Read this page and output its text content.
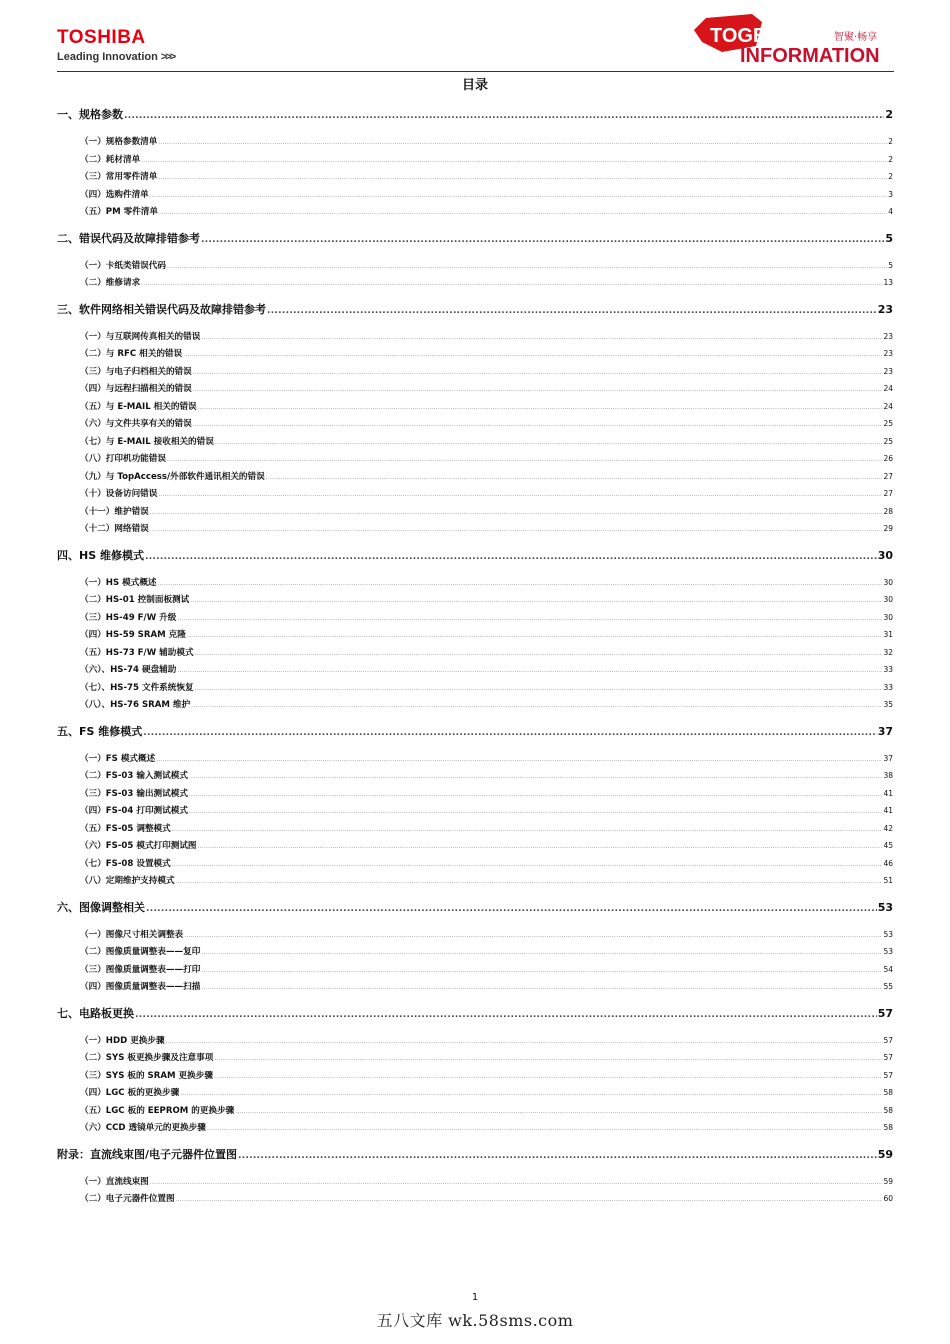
TOSHIBA
Leading Innovation >>>
TOGETHER 智聚·畅享
INFORMATION
目录
一、规格参数 .....	2
（一）规格参数清单 .....	2
（二）耗材清单 .....	2
（三）常用零件清单 .....	2
（四）选购件清单 .....	3
（五）PM 零件清单 .....	4
二、错误代码及故障排错参考 .....	5
（一）卡纸类错误代码 .....	5
（二）维修请求 .....	13
三、软件网络相关错误代码及故障排错参考 .....	23
（一）与互联网传真相关的错误 .....	23
（二）与 RFC 相关的错误 .....	23
（三）与电子归档相关的错误 .....	23
（四）与远程扫描相关的错误 .....	24
（五）与 E-MAIL 相关的错误 .....	24
（六）与文件共享有关的错误 .....	25
（七）与 E-MAIL 接收相关的错误 .....	25
（八）打印机功能错误 .....	26
（九）与 TopAccess/外部软件通讯相关的错误 .....	27
（十）设备访问错误 .....	27
（十一）维护错误 .....	28
（十二）网络错误 .....	29
四、HS 维修模式 .....	30
（一）HS 模式概述 .....	30
（二）HS-01 控制面板测试 .....	30
（三）HS-49 F/W 升级 .....	30
（四）HS-59 SRAM 克隆 .....	31
（五）HS-73 F/W 辅助模式 .....	32
（六）、HS-74 硬盘辅助 .....	33
（七）、HS-75 文件系统恢复 .....	33
（八）、HS-76 SRAM 维护 .....	35
五、FS 维修模式 .....	37
（一）FS 模式概述 .....	37
（二）FS-03 输入测试模式 .....	38
（三）FS-03 输出测试模式 .....	41
（四）FS-04 打印测试模式 .....	41
（五）FS-05 调整模式 .....	42
（六）FS-05 模式打印测试图 .....	45
（七）FS-08 设置模式 .....	46
（八）定期维护支持模式 .....	51
六、图像调整相关 .....	53
（一）图像尺寸相关调整表 .....	53
（二）图像质量调整表——复印 .....	53
（三）图像质量调整表——打印 .....	54
（四）图像质量调整表——扫描 .....	55
七、电路板更换 .....	57
（一）HDD 更换步骤 .....	57
（二）SYS 板更换步骤及注意事项 .....	57
（三）SYS 板的 SRAM 更换步骤 .....	57
（四）LGC 板的更换步骤 .....	58
（五）LGC 板的 EEPROM 的更换步骤 .....	58
（六）CCD 透镜单元的更换步骤 .....	58
附录：直流线束图/电子元器件位置图 .....	59
（一）直流线束图 .....	59
（二）电子元器件位置图 .....	60
1
五八文库 wk.58sms.com
